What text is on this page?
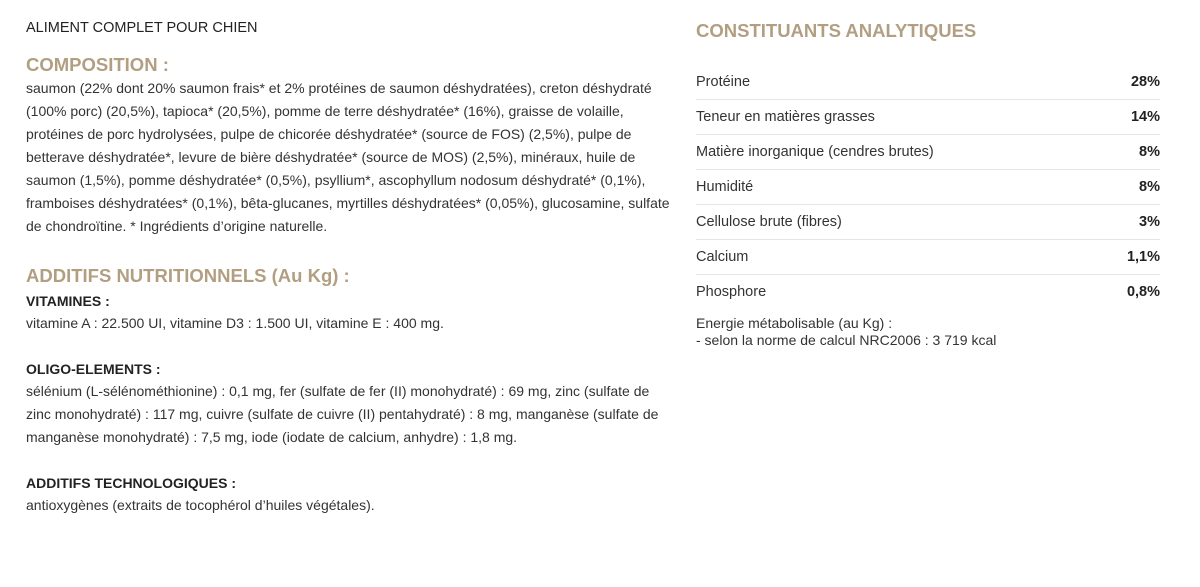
ALIMENT COMPLET POUR CHIEN

COMPOSITION :

saumon (22% dont 20% saumon frais* et 2% protéines de saumon déshydratées), creton déshydraté (100% porc) (20,5%), tapioca* (20,5%), pomme de terre déshydratée* (16%), graisse de volaille, protéines de porc hydrolysées, pulpe de chicorée déshydratée* (source de FOS) (2,5%), pulpe de betterave déshydratée*, levure de bière déshydratée* (source de MOS) (2,5%), minéraux, huile de saumon (1,5%), pomme déshydratée* (0,5%), psyllium*, ascophyllum nodosum déshydraté* (0,1%), framboises déshydratées* (0,1%), bêta-glucanes, myrtilles déshydratées* (0,05%), glucosamine, sulfate de chondroïtine. * Ingrédients d’origine naturelle.

ADDITIFS NUTRITIONNELS (Au Kg) :

VITAMINES :

vitamine A : 22.500 UI, vitamine D3 : 1.500 UI, vitamine E : 400 mg.

OLIGO-ELEMENTS :

sélénium (L-sélénométhionine) : 0,1 mg, fer (sulfate de fer (II) monohydraté) : 69 mg, zinc (sulfate de zinc monohydraté) : 117 mg, cuivre (sulfate de cuivre (II) pentahydraté) : 8 mg, manganèse (sulfate de manganèse monohydraté) : 7,5 mg, iode (iodate de calcium, anhydre) : 1,8 mg.

ADDITIFS TECHNOLOGIQUES :

antioxygènes (extraits de tocophérol d’huiles végétales).

CONSTITUANTS ANALYTIQUES
Protéine	28%
Teneur en matières grasses	14%
Matière inorganique (cendres brutes)	8%
Humidité	8%
Cellulose brute (fibres)	3%
Calcium	1,1%
Phosphore	0,8%
Energie métabolisable (au Kg) :
- selon la norme de calcul NRC2006 : 3 719 kcal
